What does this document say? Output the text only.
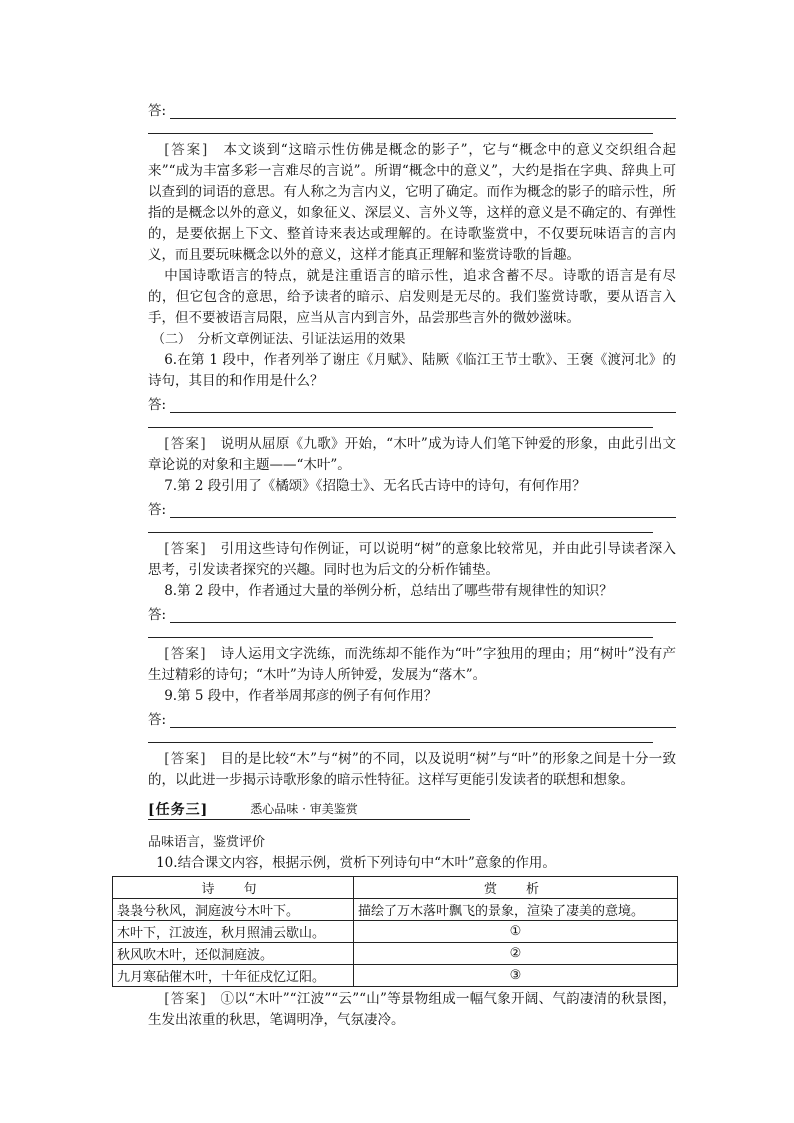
答:

[答案]　 本文谈到“这暗示性仿佛是概念的影子”，它与“概念中的意义交织组合起来”“成为丰富多彩一言难尽的言说”。所谓“概念中的意义”，大约是指在字典、辞典上可以查到的词语的意思。有人称之为言内义，它明了确定。而作为概念的影子的暗示性，所指的是概念以外的意义，如象征义、深层义、言外义等，这样的意义是不确定的、有弹性的，是要依据上下文、整首诗来表达或理解的。在诗歌鉴赏中，不仅要玩味语言的言内义，而且要玩味概念以外的意义，这样才能真正理解和鉴赏诗歌的旨趣。

中国诗歌语言的特点，就是注重语言的暗示性，追求含蓄不尽。诗歌的语言是有尽的，但它包含的意思，给予读者的暗示、启发则是无尽的。我们鉴赏诗歌，要从语言入手，但不要被语言局限，应当从言内到言外，品尝那些言外的微妙滋味。

（二）　分析文章例证法、引证法运用的效果

6.在第 1 段中，作者列举了谢庄《月赋》、陆厥《临江王节士歌》、王褒《渡河北》的诗句，其目的和作用是什么？

答:

[答案]　 说明从屈原《九歌》开始，“木叶”成为诗人们笔下钟爱的形象，由此引出文章论说的对象和主题——“木叶”。

7.第 2 段引用了《橘颂》《招隐士》、无名氏古诗中的诗句，有何作用？

答:

[答案]　 引用这些诗句作例证，可以说明“树”的意象比较常见，并由此引导读者深入思考，引发读者探究的兴趣。同时也为后文的分析作铺垫。

8.第 2 段中，作者通过大量的举例分析，总结出了哪些带有规律性的知识？

答:

[答案]　 诗人运用文字洗练，而洗练却不能作为“叶”字独用的理由；用“树叶”没有产生过精彩的诗句；“木叶”为诗人所钟爱，发展为“落木”。

9.第 5 段中，作者举周邦彦的例子有何作用？

答:

[答案]　 目的是比较“木”与“树”的不同，以及说明“树”与“叶”的形象之间是十分一致的，以此进一步揭示诗歌形象的暗示性特征。这样写更能引发读者的联想和想象。

[任务三]	悉心品味 · 审美鉴赏

品味语言，鉴赏评价

10.结合课文内容，根据示例，赏析下列诗句中“木叶”意象的作用。

诗　句	赏　析
袅袅兮秋风，洞庭波兮木叶下。	描绘了万木落叶飘飞的景象，渲染了凄美的意境。
木叶下，江波连，秋月照浦云歇山。	①
秋风吹木叶，还似洞庭波。	②
九月寒砧催木叶，十年征戍忆辽阳。	③

[答案]　 ①以“木叶”“江波”“云”“山”等景物组成一幅气象开阔、气韵凄清的秋景图，生发出浓重的秋思，笔调明净，气氛凄冷。
